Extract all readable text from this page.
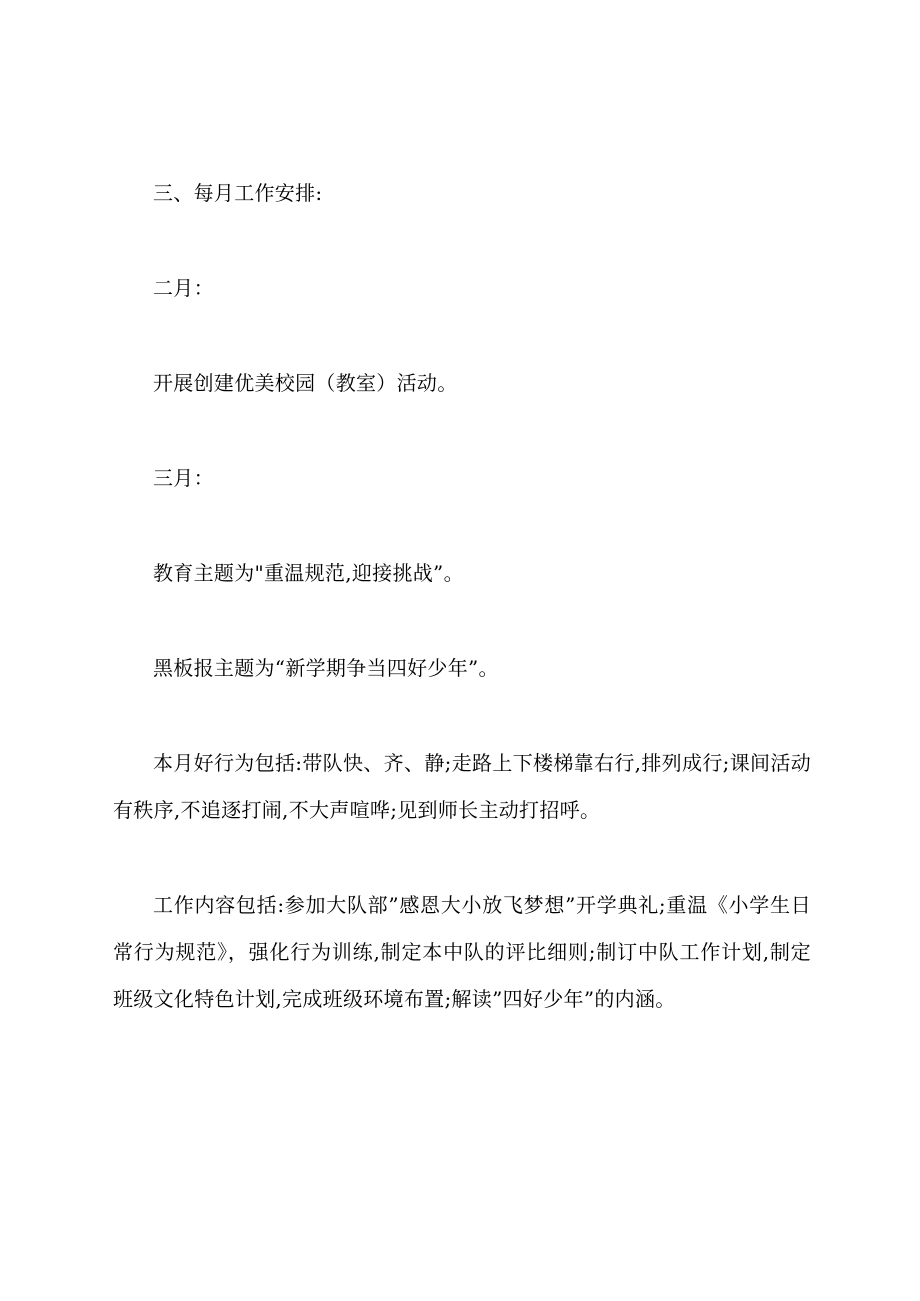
三、每月工作安排:

二月：

开展创建优美校园（教室）活动。

三月：

教育主题为"重温规范,迎接挑战”。

黑板报主题为“新学期争当四好少年”。

本月好行为包括:带队快、齐、静;走路上下楼梯靠右行,排列成行;课间活动有秩序,不追逐打闹,不大声喧哗;见到师长主动打招呼。

工作内容包括:参加大队部”感恩大小放飞梦想”开学典礼;重温《小学生日常行为规范》，强化行为训练,制定本中队的评比细则;制订中队工作计划,制定班级文化特色计划,完成班级环境布置;解读”四好少年”的内涵。
